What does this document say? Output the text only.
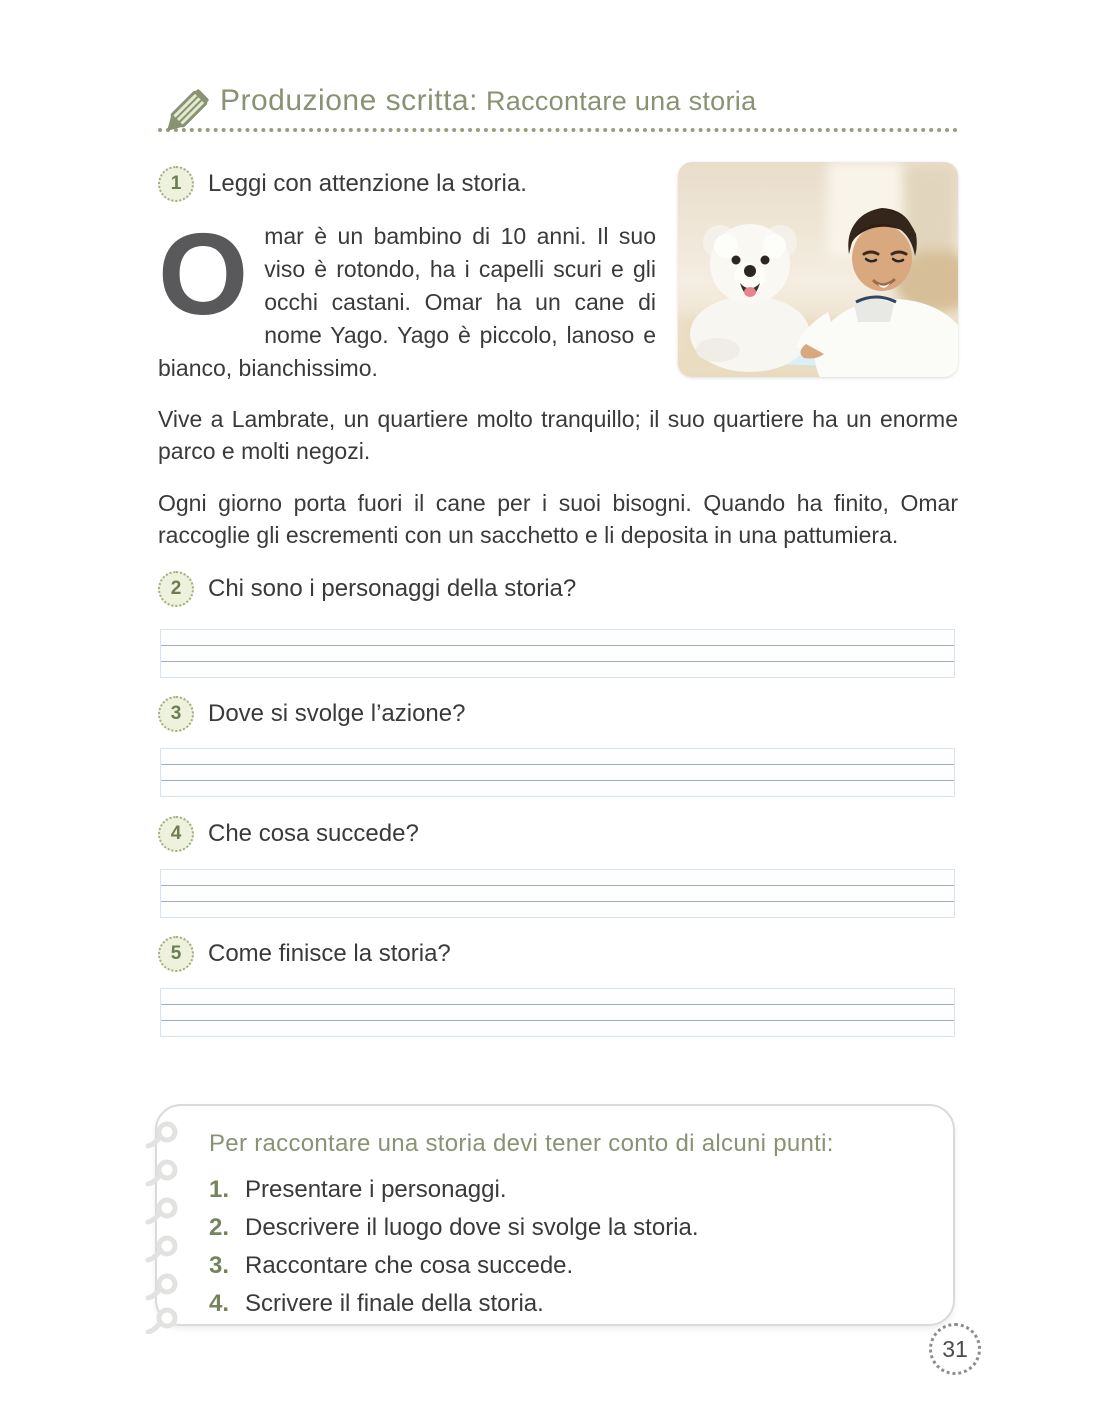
Produzione scritta: Raccontare una storia
1	Leggi con attenzione la storia.
Omar è un bambino di 10 anni. Il suo viso è rotondo, ha i capelli scuri e gli occhi castani. Omar ha un cane di nome Yago. Yago è piccolo, lanoso e bianco, bianchissimo.
Vive a Lambrate, un quartiere molto tranquillo; il suo quartiere ha un enorme parco e molti negozi.
Ogni giorno porta fuori il cane per i suoi bisogni. Quando ha finito, Omar raccoglie gli escrementi con un sacchetto e li deposita in una pattumiera.
2	Chi sono i personaggi della storia?
3	Dove si svolge l’azione?
4	Che cosa succede?
5	Come finisce la storia?
Per raccontare una storia devi tener conto di alcuni punti:
1. Presentare i personaggi.
2. Descrivere il luogo dove si svolge la storia.
3. Raccontare che cosa succede.
4. Scrivere il finale della storia.
31
